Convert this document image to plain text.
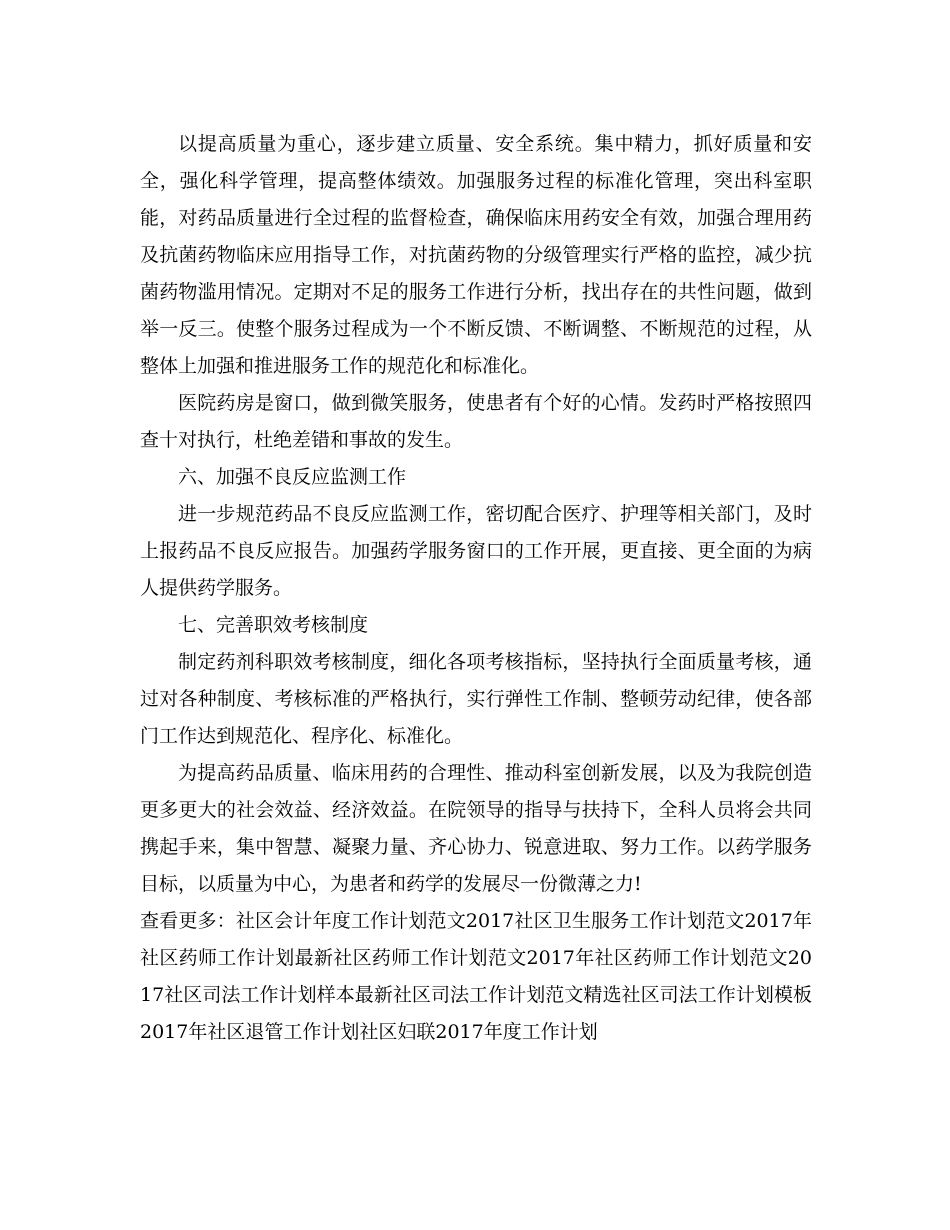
以提高质量为重心，逐步建立质量、安全系统。集中精力，抓好质量和安全，强化科学管理，提高整体绩效。加强服务过程的标准化管理，突出科室职能，对药品质量进行全过程的监督检查，确保临床用药安全有效，加强合理用药及抗菌药物临床应用指导工作，对抗菌药物的分级管理实行严格的监控，减少抗菌药物滥用情况。定期对不足的服务工作进行分析，找出存在的共性问题，做到举一反三。使整个服务过程成为一个不断反馈、不断调整、不断规范的过程，从整体上加强和推进服务工作的规范化和标准化。

医院药房是窗口，做到微笑服务，使患者有个好的心情。发药时严格按照四查十对执行，杜绝差错和事故的发生。

六、加强不良反应监测工作

进一步规范药品不良反应监测工作，密切配合医疗、护理等相关部门，及时上报药品不良反应报告。加强药学服务窗口的工作开展，更直接、更全面的为病人提供药学服务。

七、完善职效考核制度

制定药剂科职效考核制度，细化各项考核指标，坚持执行全面质量考核，通过对各种制度、考核标准的严格执行，实行弹性工作制、整顿劳动纪律，使各部门工作达到规范化、程序化、标准化。

为提高药品质量、临床用药的合理性、推动科室创新发展，以及为我院创造更多更大的社会效益、经济效益。在院领导的指导与扶持下，全科人员将会共同携起手来，集中智慧、凝聚力量、齐心协力、锐意进取、努力工作。以药学服务目标，以质量为中心，为患者和药学的发展尽一份微薄之力!

查看更多：社区会计年度工作计划范文2017社区卫生服务工作计划范文2017年社区药师工作计划最新社区药师工作计划范文2017年社区药师工作计划范文2017社区司法工作计划样本最新社区司法工作计划范文精选社区司法工作计划模板2017年社区退管工作计划社区妇联2017年度工作计划
